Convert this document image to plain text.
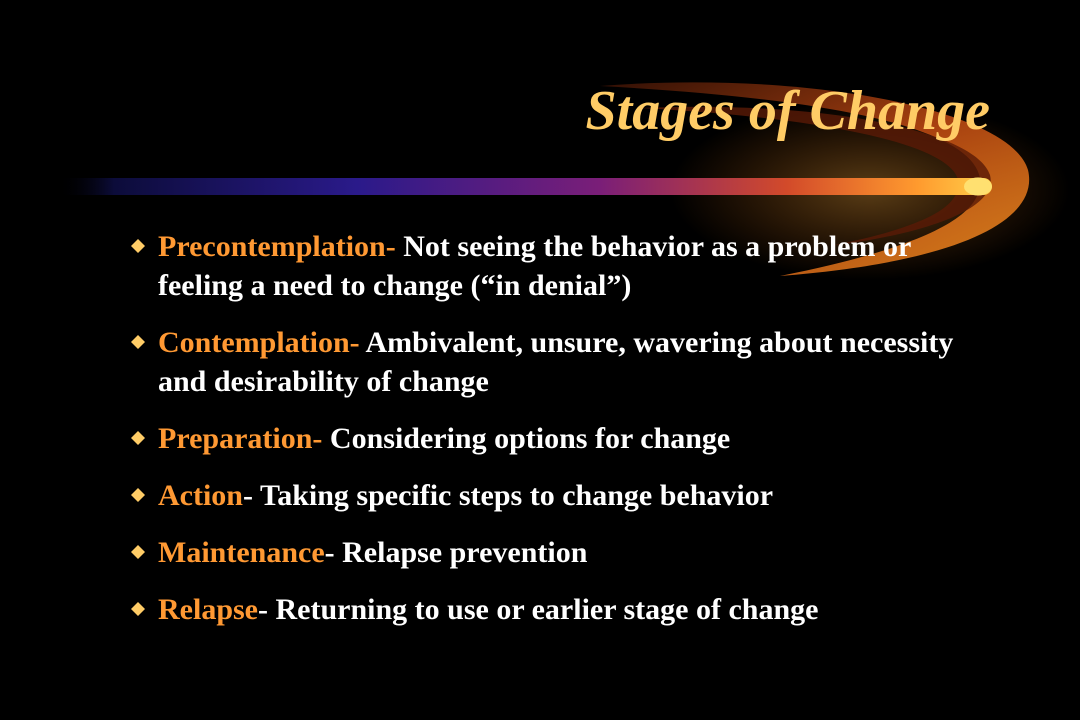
Stages of Change
Precontemplation- Not seeing the behavior as a problem or feeling a need to change (“in denial”)
Contemplation- Ambivalent, unsure, wavering about necessity and desirability of change
Preparation- Considering options for change
Action- Taking specific steps to change behavior
Maintenance- Relapse prevention
Relapse- Returning to use or earlier stage of change
